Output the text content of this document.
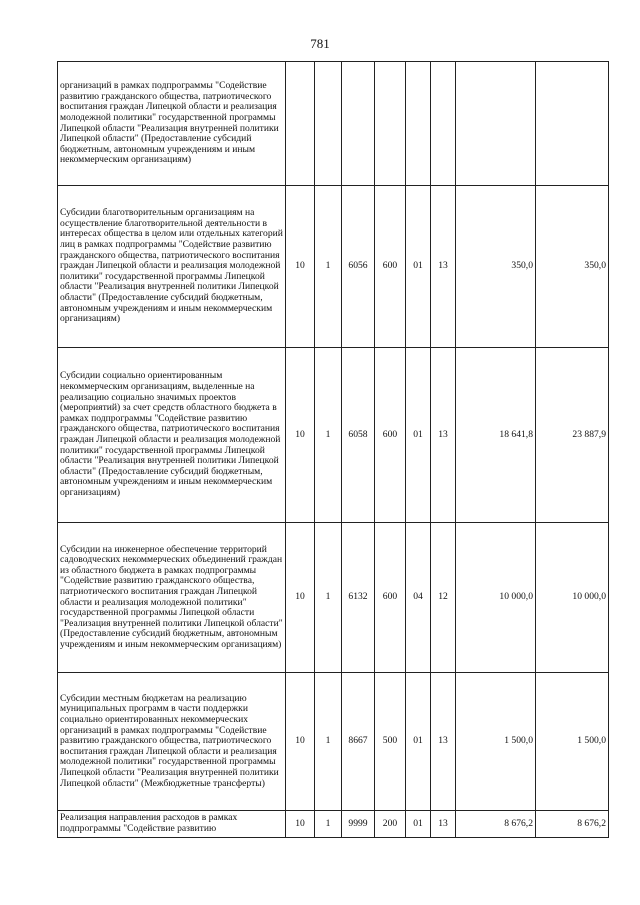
781
организаций в рамках подпрограммы "Содействие развитию гражданского общества, патриотического воспитания граждан Липецкой области и реализация молодежной политики" государственной программы Липецкой области "Реализация внутренней политики Липецкой области" (Предоставление субсидий бюджетным, автономным учреждениям и иным некоммерческим организациям)								
Субсидии благотворительным организациям на осуществление благотворительной деятельности в интересах общества в целом или отдельных категорий лиц в рамках подпрограммы "Содействие развитию гражданского общества, патриотического воспитания граждан Липецкой области и реализация молодежной политики" государственной программы Липецкой области "Реализация внутренней политики Липецкой области" (Предоставление субсидий бюджетным, автономным учреждениям и иным некоммерческим организациям)	10	1	6056	600	01	13	350,0	350,0
Субсидии социально ориентированным некоммерческим организациям, выделенные на реализацию социально значимых проектов (мероприятий) за счет средств областного бюджета в рамках подпрограммы "Содействие развитию гражданского общества, патриотического воспитания граждан Липецкой области и реализация молодежной политики" государственной программы Липецкой области "Реализация внутренней политики Липецкой области" (Предоставление субсидий бюджетным, автономным учреждениям и иным некоммерческим организациям)	10	1	6058	600	01	13	18 641,8	23 887,9
Субсидии на инженерное обеспечение территорий садоводческих некоммерческих объединений граждан из областного бюджета в рамках подпрограммы "Содействие развитию гражданского общества, патриотического воспитания граждан Липецкой области и реализация молодежной политики" государственной программы Липецкой области "Реализация внутренней политики Липецкой области" (Предоставление субсидий бюджетным, автономным учреждениям и иным некоммерческим организациям)	10	1	6132	600	04	12	10 000,0	10 000,0
Субсидии местным бюджетам на реализацию муниципальных программ в части поддержки социально ориентированных некоммерческих организаций в рамках подпрограммы "Содействие развитию гражданского общества, патриотического воспитания граждан Липецкой области и реализация молодежной политики" государственной программы Липецкой области "Реализация внутренней политики Липецкой области" (Межбюджетные трансферты)	10	1	8667	500	01	13	1 500,0	1 500,0
Реализация направления расходов в рамках подпрограммы "Содействие развитию	10	1	9999	200	01	13	8 676,2	8 676,2
